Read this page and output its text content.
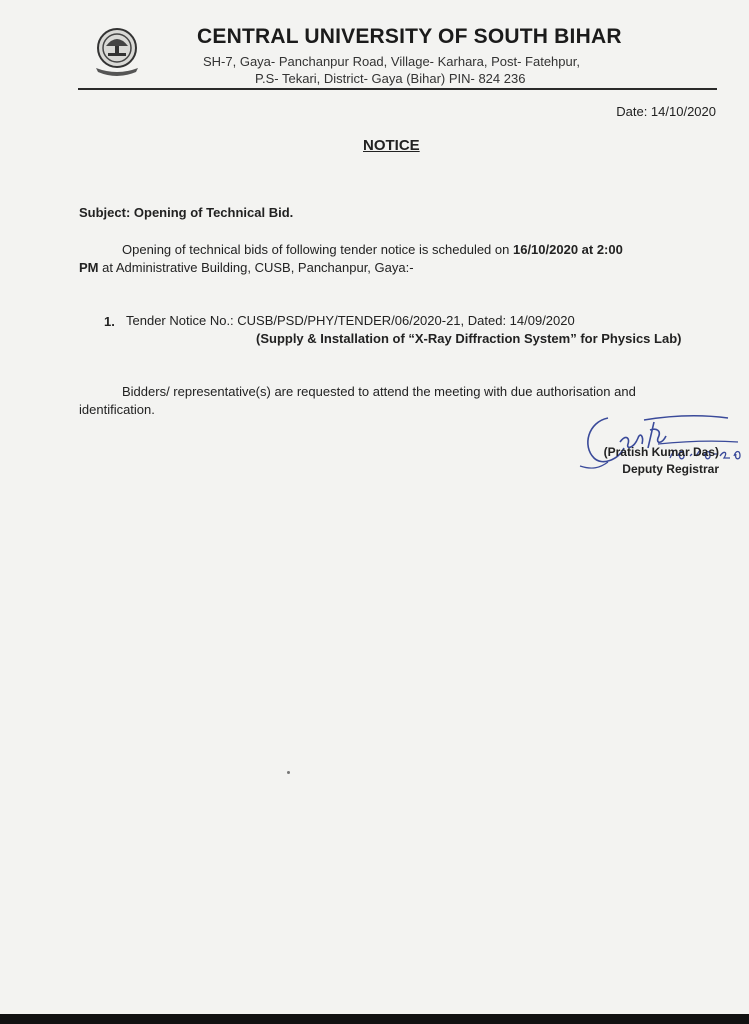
CENTRAL UNIVERSITY OF SOUTH BIHAR
SH-7, Gaya- Panchanpur Road, Village- Karhara, Post- Fatehpur,
P.S- Tekari, District- Gaya (Bihar) PIN- 824 236
Date: 14/10/2020
NOTICE
Subject: Opening of Technical Bid.
Opening of technical bids of following tender notice is scheduled on 16/10/2020 at 2:00
PM at Administrative Building, CUSB, Panchanpur, Gaya:-
1. Tender Notice No.: CUSB/PSD/PHY/TENDER/06/2020-21, Dated: 14/09/2020
(Supply & Installation of “X-Ray Diffraction System” for Physics Lab)
Bidders/ representative(s) are requested to attend the meeting with due authorisation and
identification.
(Pratish Kumar Das)
Deputy Registrar
